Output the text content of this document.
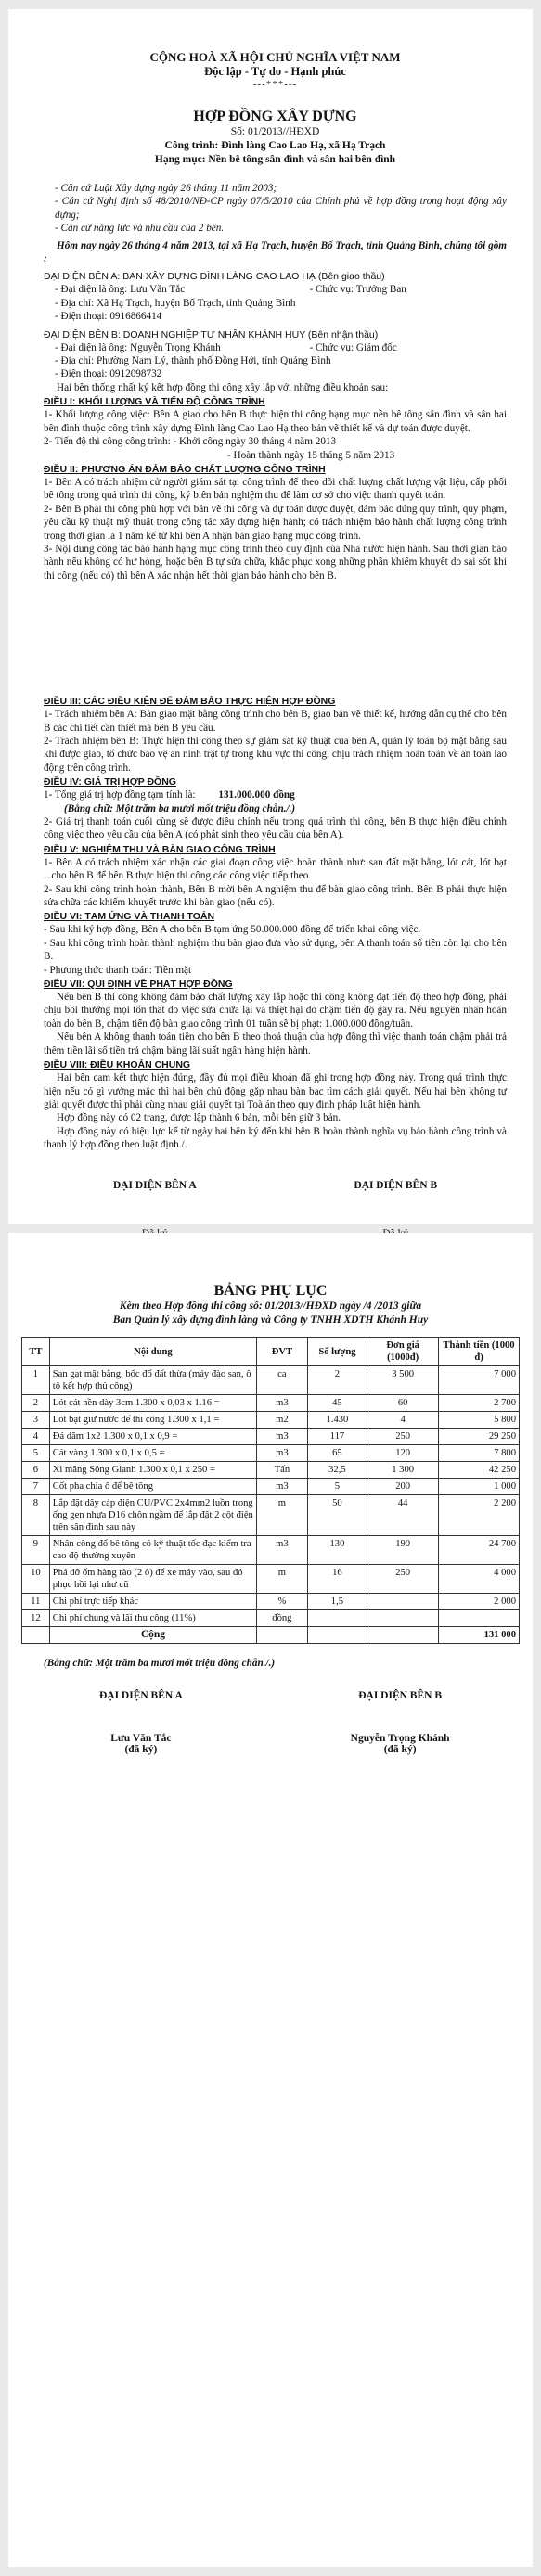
CỘNG HOÀ XÃ HỘI CHỦ NGHĨA VIỆT NAM

Độc lập - Tự do - Hạnh phúc

---***---

HỢP ĐỒNG XÂY DỰNG

Số: 01/2013//HĐXD

Công trình: Đình làng Cao Lao Hạ, xã Hạ Trạch

Hạng mục: Nền bê tông sân đình và sân hai bên đình

- Căn cứ Luật Xây dựng ngày 26 tháng 11 năm 2003;

- Căn cứ Nghị định số 48/2010/NĐ-CP ngày 07/5/2010 của Chính phủ về hợp đồng trong hoạt động xây dựng;

- Căn cứ năng lực và nhu cầu của 2 bên.

Hôm nay ngày 26 tháng 4 năm 2013, tại xã Hạ Trạch, huyện Bố Trạch, tỉnh Quảng Bình, chúng tôi gồm :

ĐẠI DIỆN BÊN A: BAN XÂY DỰNG ĐÌNH LÀNG CAO LAO HẠ (Bên giao thầu)

- Đại diện là ông: Lưu Văn Tắc	- Chức vụ: Trưởng Ban

- Địa chỉ: Xã Hạ Trạch, huyện Bố Trạch, tỉnh Quảng Bình

- Điện thoại: 0916866414

ĐẠI DIỆN BÊN B: DOANH NGHIỆP TƯ NHÂN KHÁNH HUY (Bên nhận thầu)

- Đại diện là ông: Nguyễn Trọng Khánh	- Chức vụ: Giám đốc

- Địa chỉ: Phường Nam Lý, thành phố Đồng Hới, tỉnh Quảng Bình

- Điện thoại: 0912098732

Hai bên thống nhất ký kết hợp đồng thi công xây lắp với những điều khoản sau:

ĐIỀU I: KHỐI LƯỢNG VÀ TIẾN ĐỘ CÔNG TRÌNH

1- Khối lượng công việc: Bên A giao cho bên B thực hiện thi công hạng mục nền bê tông sân đình và sân hai bên đình thuộc công trình xây dựng Đình làng Cao Lao Hạ theo bản vẽ thiết kế và dự toán được duyệt.

2- Tiến độ thi công công trình: - Khởi công ngày 30 tháng 4 năm 2013

- Hoàn thành ngày 15 tháng 5 năm 2013

ĐIỀU II: PHƯƠNG ÁN ĐẢM BẢO CHẤT LƯỢNG CÔNG TRÌNH

1- Bên A có trách nhiệm cử người giám sát tại công trình để theo dõi chất lượng chất lượng vật liệu, cấp phối bê tông trong quá trình thi công, ký biên bản nghiệm thu để làm cơ sở cho việc thanh quyết toán.

2- Bên B phải thi công phù hợp với bản vẽ thi công và dự toán được duyệt, đảm bảo đúng quy trình, quy phạm, yêu cầu kỹ thuật mỹ thuật trong công tác xây dựng hiện hành; có trách nhiệm bảo hành chất lượng công trình trong thời gian là 1 năm kể từ khi bên A nhận bàn giao hạng mục công trình.

3- Nội dung công tác bảo hành hạng mục công trình theo quy định của Nhà nước hiện hành. Sau thời gian bảo hành nếu không có hư hỏng, hoặc bên B tự sửa chữa, khắc phục xong những phần khiếm khuyết do sai sót khi thi công (nếu có) thì bên A xác nhận hết thời gian bảo hành cho bên B.

ĐIỀU III: CÁC ĐIỀU KIỆN ĐỂ ĐẢM BẢO THỰC HIỆN HỢP ĐỒNG

1- Trách nhiệm bên A: Bàn giao mặt bằng công trình cho bên B, giao bản vẽ thiết kế, hướng dẫn cụ thể cho bên B các chi tiết cần thiết mà bên B yêu cầu.

2- Trách nhiệm bên B: Thực hiện thi công theo sự giám sát kỹ thuật của bên A, quản lý toàn bộ mặt bằng sau khi được giao, tổ chức bảo vệ an ninh trật tự trong khu vực thi công, chịu trách nhiệm hoàn toàn về an toàn lao động trên công trình.

ĐIỀU IV: GIÁ TRỊ HỢP ĐỒNG

1- Tổng giá trị hợp đồng tạm tính là: 131.000.000 đồng

(Bằng chữ: Một trăm ba mươi mốt triệu đồng chẵn./.)

2- Giá trị thanh toán cuối cùng sẽ được điều chỉnh nếu trong quá trình thi công, bên B thực hiện điều chỉnh công việc theo yêu cầu của bên A (có phát sinh theo yêu cầu của bên A).

ĐIỀU V: NGHIỆM THU VÀ BÀN GIAO CÔNG TRÌNH

1- Bên A có trách nhiệm xác nhận các giai đoạn công việc hoàn thành như: san đất mặt bằng, lót cát, lót bạt ...cho bên B để bên B thực hiện thi công các công việc tiếp theo.

2- Sau khi công trình hoàn thành, Bên B mời bên A nghiệm thu để bàn giao công trình. Bên B phải thực hiện sửa chữa các khiếm khuyết trước khi bàn giao (nếu có).

ĐIỀU VI: TẠM ỨNG VÀ THANH TOÁN

- Sau khi ký hợp đồng, Bên A cho bên B tạm ứng 50.000.000 đồng để triển khai công việc.

- Sau khi công trình hoàn thành nghiệm thu bàn giao đưa vào sử dụng, bên A thanh toán số tiền còn lại cho bên B.

- Phương thức thanh toán: Tiền mặt

ĐIỀU VII: QUI ĐỊNH VỀ PHẠT HỢP ĐỒNG

Nếu bên B thi công không đảm bảo chất lượng xây lắp hoặc thi công không đạt tiến độ theo hợp đồng, phải chịu bồi thường mọi tổn thất do việc sửa chữa lại và thiệt hại do chậm tiến độ gây ra. Nếu nguyên nhân hoàn toàn do bên B, chậm tiến độ bàn giao công trình 01 tuần sẽ bị phạt: 1.000.000 đồng/tuần.

Nếu bên A không thanh toán tiền cho bên B theo thoả thuận của hợp đồng thì việc thanh toán chậm phải trả thêm tiền lãi số tiền trả chậm bằng lãi suất ngân hàng hiện hành.

ĐIỀU VIII: ĐIỀU KHOẢN CHUNG

Hai bên cam kết thực hiện đúng, đầy đủ mọi điều khoản đã ghi trong hợp đồng này. Trong quá trình thực hiện nếu có gì vướng mắc thì hai bên chủ động gặp nhau bàn bạc tìm cách giải quyết. Nếu hai bên không tự giải quyết được thì phải cùng nhau giải quyết tại Toà án theo quy định pháp luật hiện hành.

Hợp đồng này có 02 trang, được lập thành 6 bản, mỗi bên giữ 3 bản.

Hợp đồng này có hiệu lực kể từ ngày hai bên ký đến khi bên B hoàn thành nghĩa vụ bảo hành công trình và thanh lý hợp đồng theo luật định./.

ĐẠI DIỆN BÊN A	ĐẠI DIỆN BÊN B

BẢNG PHỤ LỤC

Kèm theo Hợp đồng thi công số: 01/2013//HĐXD ngày /4 /2013 giữa

Ban Quản lý xây dựng đình làng và Công ty TNHH XDTH Khánh Huy

TT	Nội dung	ĐVT	Số lượng	Đơn giá (1000đ)	Thành tiền (1000 đ)
1	San gạt mặt bằng, bốc đổ đất thừa (máy đào san, ô tô kết hợp thủ công)	ca	2	3 500	7 000
2	Lót cát nền dày 3cm 1.300 x 0,03 x 1.16 =	m3	45	60	2 700
3	Lót bạt giữ nước để thi công 1.300 x 1,1 =	m2	1.430	4	5 800
4	Đá dăm 1x2 1.300 x 0,1 x 0,9 =	m3	117	250	29 250
5	Cát vàng 1.300 x 0,1 x 0,5 =	m3	65	120	7 800
6	Xi măng Sông Gianh 1.300 x 0,1 x 250 =	Tấn	32,5	1 300	42 250
7	Cốt pha chia ô để bê tông	m3	5	200	1 000
8	Lắp đặt dây cáp điện CU/PVC 2x4mm2 luồn trong ống gen nhựa D16 chôn ngầm để lắp đặt 2 cột điện trên sân đình sau này	m	50	44	2 200
9	Nhân công đổ bê tông có kỹ thuật tốc đạc kiểm tra cao độ thường xuyên	m3	130	190	24 700
10	Phá dỡ ốm hàng rào (2 ô) để xe máy vào, sau đó phục hồi lại như cũ	m	16	250	4 000
11	Chi phí trực tiếp khác	%	1,5		2 000
12	Chi phí chung và lãi thu công (11%)	đồng			
	Cộng				131 000

(Bằng chữ: Một trăm ba mươi mốt triệu đồng chẵn./.)

ĐẠI DIỆN BÊN A	ĐẠI DIỆN BÊN B
Lưu Văn Tắc	Nguyễn Trọng Khánh
(đã ký)	(đã ký)
